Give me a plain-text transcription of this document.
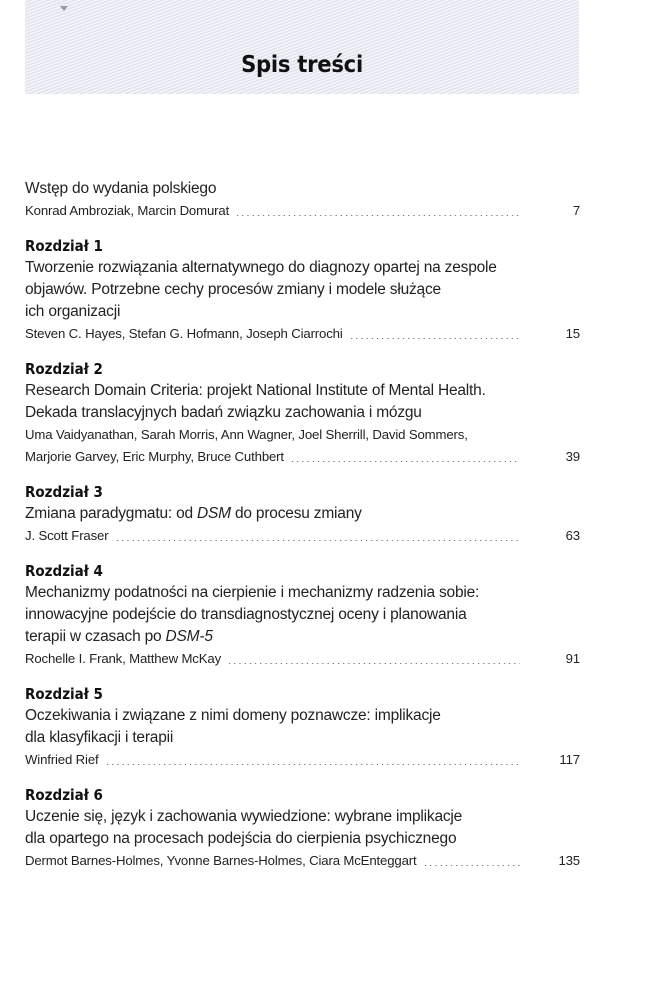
Spis treści
Wstęp do wydania polskiego
Konrad Ambroziak, Marcin Domurat	7
Rozdział 1
Tworzenie rozwiązania alternatywnego do diagnozy opartej na zespole
objawów. Potrzebne cechy procesów zmiany i modele służące
ich organizacji
Steven C. Hayes, Stefan G. Hofmann, Joseph Ciarrochi	15
Rozdział 2
Research Domain Criteria: projekt National Institute of Mental Health.
Dekada translacyjnych badań związku zachowania i mózgu
Uma Vaidyanathan, Sarah Morris, Ann Wagner, Joel Sherrill, David Sommers,
Marjorie Garvey, Eric Murphy, Bruce Cuthbert	39
Rozdział 3
Zmiana paradygmatu: od DSM do procesu zmiany
J. Scott Fraser	63
Rozdział 4
Mechanizmy podatności na cierpienie i mechanizmy radzenia sobie:
innowacyjne podejście do transdiagnostycznej oceny i planowania
terapii w czasach po DSM-5
Rochelle I. Frank, Matthew McKay	91
Rozdział 5
Oczekiwania i związane z nimi domeny poznawcze: implikacje
dla klasyfikacji i terapii
Winfried Rief	117
Rozdział 6
Uczenie się, język i zachowania wywiedzione: wybrane implikacje
dla opartego na procesach podejścia do cierpienia psychicznego
Dermot Barnes-Holmes, Yvonne Barnes-Holmes, Ciara McEnteggart	135
